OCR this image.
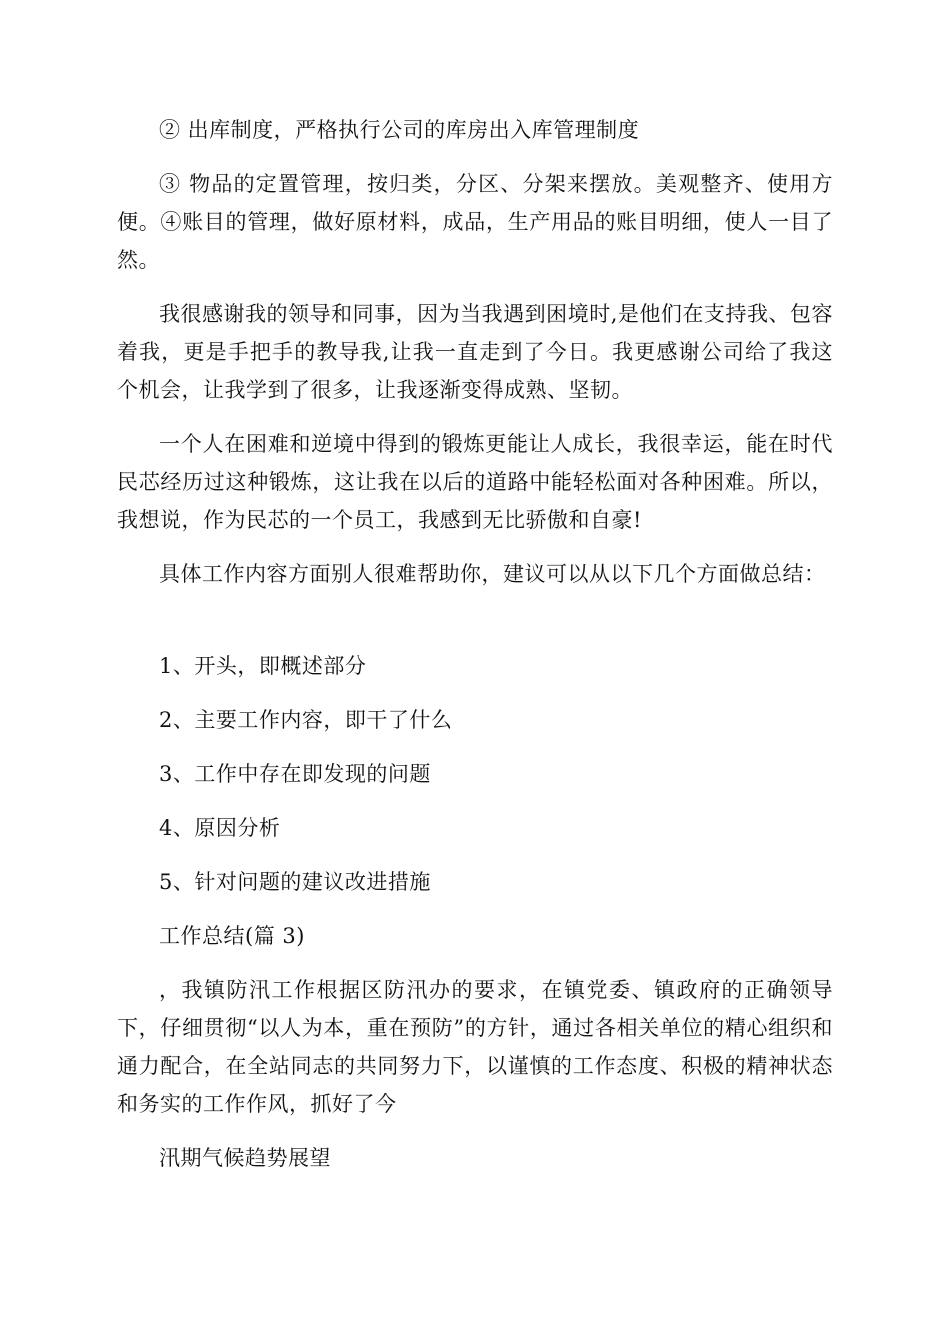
② 出库制度，严格执行公司的库房出入库管理制度

③ 物品的定置管理，按归类，分区、分架来摆放。美观整齐、使用方便。④账目的管理，做好原材料，成品，生产用品的账目明细，使人一目了然。

我很感谢我的领导和同事，因为当我遇到困境时,是他们在支持我、包容着我，更是手把手的教导我,让我一直走到了今日。我更感谢公司给了我这个机会，让我学到了很多，让我逐渐变得成熟、坚韧。

一个人在困难和逆境中得到的锻炼更能让人成长，我很幸运，能在时代民芯经历过这种锻炼，这让我在以后的道路中能轻松面对各种困难。所以，我想说，作为民芯的一个员工，我感到无比骄傲和自豪!

具体工作内容方面别人很难帮助你，建议可以从以下几个方面做总结：

1、开头，即概述部分

2、主要工作内容，即干了什么

3、工作中存在即发现的问题

4、原因分析

5、针对问题的建议改进措施

工作总结(篇 3)

，我镇防汛工作根据区防汛办的要求，在镇党委、镇政府的正确领导下，仔细贯彻“以人为本，重在预防”的方针，通过各相关单位的精心组织和通力配合，在全站同志的共同努力下，以谨慎的工作态度、积极的精神状态和务实的工作作风，抓好了今

汛期气候趋势展望
